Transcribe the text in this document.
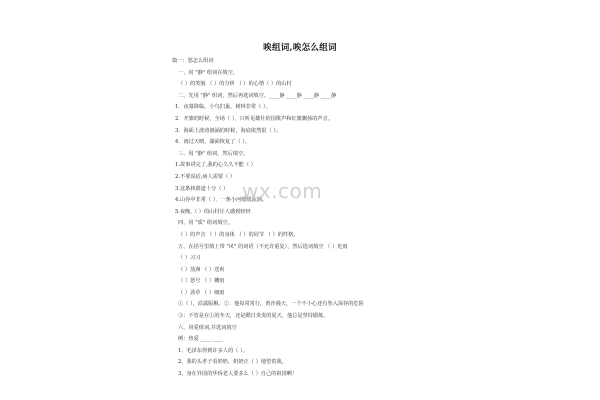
唉组词,唉怎么组词
篇一：怒怎么组词
一、用 "静" 组词在填空。
（ ）的笑貌 （ ）的分析 （ ）的心情（ ）的山村
二、先用 "静" 组词，然后再选词填空。____静 ____静 ____静 ____静
1．夜幕降临，小鸟归巢，树林非常（ ）。
2．开旗的时候，全场（ ），只听见雄壮的国歌声和红旗飘扬的声音。
3．海面上波涛汹涌的时候，海底依然很（ ）。
4．雨过天晴，湖面恢复了（ ）。
三、用 "静" 组词，然后填空。
1.故事讲完了,我的心久久不能（ ）
2.不要说话,病人需要（ ）
3.这条林荫道十分（ ）
4.山谷中非常（ ），一条小河缓缓流淌。
5.夜晚,（ ）的山村让人感到轻轻
四、用 "质" 组词填空。
（ ）的声音 （ ）的身体 （ ）的同节 （ ）的性格。
五、在括号里填上带 "风" 的词语（不允许重复），然后选词填空 （ ）化雨
（ ）习习
（ ）蒸洲 （ ）送爽
（ ）怒号 （ ）栅雨
（ ）劲草 （ ）细雨
①（ ），沿露版粮。②：他每常常行，黄沙漫天，一个不小心还有坠入深谷的危险
③：不管是在①的冬天，还是酷日炎炎的夏天，他总是坚持锻炼。
六、用爱组词,并选词填空
例：热爱 ____ ____
1、毛泽东得到许多人的（ ）。
2、我的头孝子看奶奶，奶奶正（ ）地望着我。
3、身在异国的华侨老人要多么（ ）自己的祖国啊！
wx.com
